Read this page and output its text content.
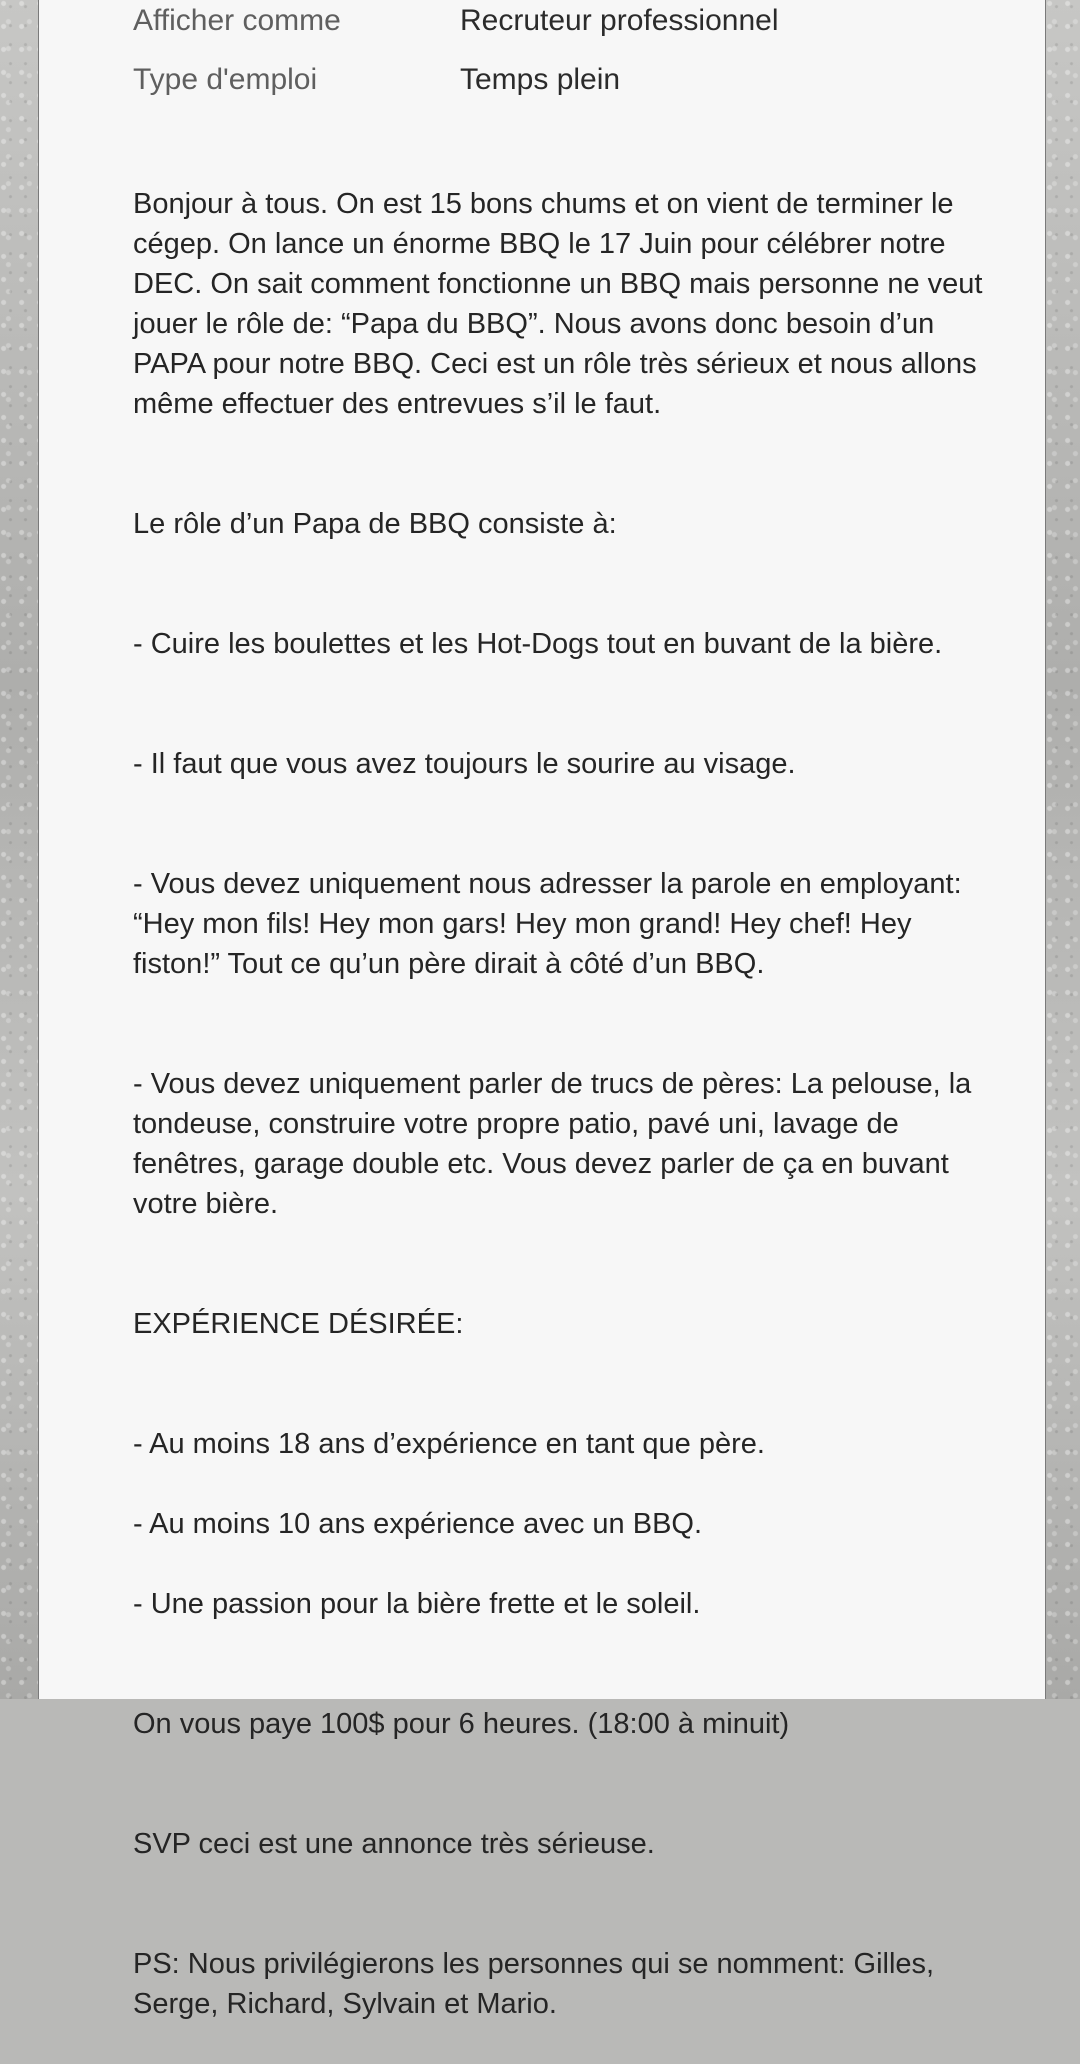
Afficher comme	Recruteur professionnel
Type d'emploi	Temps plein

Bonjour à tous. On est 15 bons chums et on vient de terminer le cégep. On lance un énorme BBQ le 17 Juin pour célébrer notre DEC. On sait comment fonctionne un BBQ mais personne ne veut jouer le rôle de: “Papa du BBQ”. Nous avons donc besoin d’un PAPA pour notre BBQ. Ceci est un rôle très sérieux et nous allons même effectuer des entrevues s’il le faut.

Le rôle d’un Papa de BBQ consiste à:

- Cuire les boulettes et les Hot-Dogs tout en buvant de la bière.

- Il faut que vous avez toujours le sourire au visage.

- Vous devez uniquement nous adresser la parole en employant: “Hey mon fils! Hey mon gars! Hey mon grand! Hey chef! Hey fiston!” Tout ce qu’un père dirait à côté d’un BBQ.

- Vous devez uniquement parler de trucs de pères: La pelouse, la tondeuse, construire votre propre patio, pavé uni, lavage de fenêtres, garage double etc. Vous devez parler de ça en buvant votre bière.

EXPÉRIENCE DÉSIRÉE:

- Au moins 18 ans d’expérience en tant que père.

- Au moins 10 ans expérience avec un BBQ.

- Une passion pour la bière frette et le soleil.

On vous paye 100$ pour 6 heures. (18:00 à minuit)

SVP ceci est une annonce très sérieuse.

PS: Nous privilégierons les personnes qui se nomment: Gilles, Serge, Richard, Sylvain et Mario.
